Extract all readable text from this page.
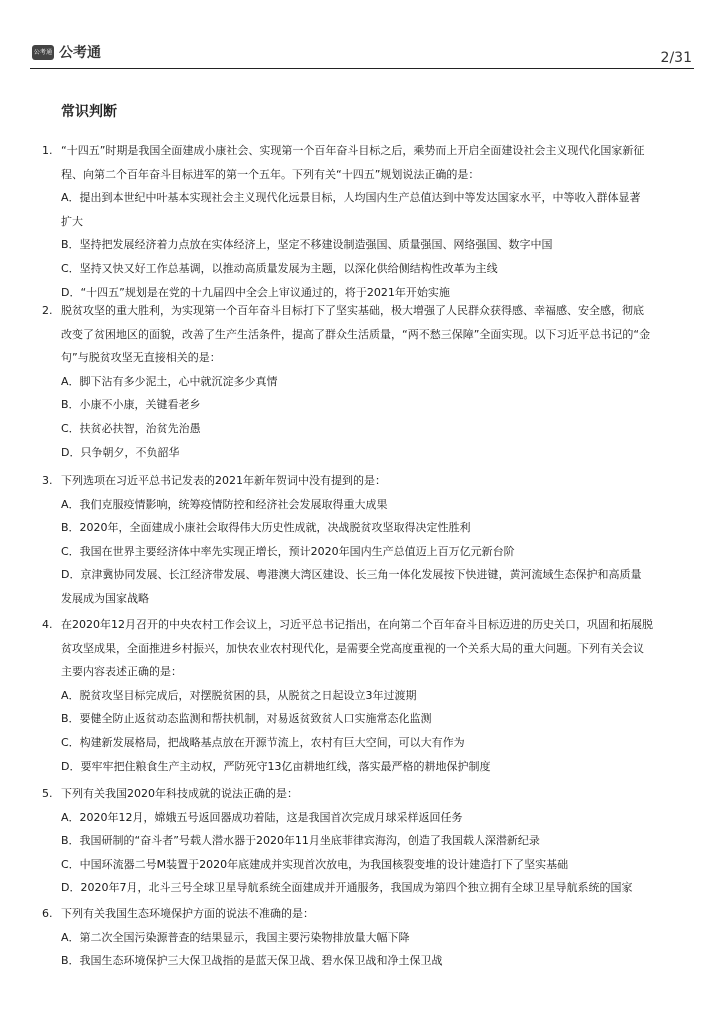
公考通 公考通	2/31
常识判断
1. “十四五”时期是我国全面建成小康社会、实现第一个百年奋斗目标之后，乘势而上开启全面建设社会主义现代化国家新征
程、向第二个百年奋斗目标进军的第一个五年。下列有关“十四五”规划说法正确的是：
A．提出到本世纪中叶基本实现社会主义现代化远景目标，人均国内生产总值达到中等发达国家水平，中等收入群体显著
扩大
B．坚持把发展经济着力点放在实体经济上，坚定不移建设制造强国、质量强国、网络强国、数字中国
C．坚持又快又好工作总基调，以推动高质量发展为主题，以深化供给侧结构性改革为主线
D．“十四五”规划是在党的十九届四中全会上审议通过的，将于2021年开始实施
2. 脱贫攻坚的重大胜利，为实现第一个百年奋斗目标打下了坚实基础，极大增强了人民群众获得感、幸福感、安全感，彻底
改变了贫困地区的面貌，改善了生产生活条件，提高了群众生活质量，“两不愁三保障”全面实现。以下习近平总书记的“金
句”与脱贫攻坚无直接相关的是：
A．脚下沾有多少泥土，心中就沉淀多少真情
B．小康不小康，关键看老乡
C．扶贫必扶智，治贫先治愚
D．只争朝夕，不负韶华
3. 下列选项在习近平总书记发表的2021年新年贺词中没有提到的是：
A．我们克服疫情影响，统筹疫情防控和经济社会发展取得重大成果
B．2020年，全面建成小康社会取得伟大历史性成就，决战脱贫攻坚取得决定性胜利
C．我国在世界主要经济体中率先实现正增长，预计2020年国内生产总值迈上百万亿元新台阶
D．京津冀协同发展、长江经济带发展、粤港澳大湾区建设、长三角一体化发展按下快进键，黄河流域生态保护和高质量
发展成为国家战略
4. 在2020年12月召开的中央农村工作会议上，习近平总书记指出，在向第二个百年奋斗目标迈进的历史关口，巩固和拓展脱
贫攻坚成果，全面推进乡村振兴，加快农业农村现代化，是需要全党高度重视的一个关系大局的重大问题。下列有关会议
主要内容表述正确的是：
A．脱贫攻坚目标完成后，对摆脱贫困的县，从脱贫之日起设立3年过渡期
B．要健全防止返贫动态监测和帮扶机制，对易返贫致贫人口实施常态化监测
C．构建新发展格局，把战略基点放在开源节流上，农村有巨大空间，可以大有作为
D．要牢牢把住粮食生产主动权，严防死守13亿亩耕地红线，落实最严格的耕地保护制度
5. 下列有关我国2020年科技成就的说法正确的是：
A．2020年12月，嫦娥五号返回器成功着陆，这是我国首次完成月球采样返回任务
B．我国研制的“奋斗者”号载人潜水器于2020年11月坐底菲律宾海沟，创造了我国载人深潜新纪录
C．中国环流器二号M装置于2020年底建成并实现首次放电，为我国核裂变堆的设计建造打下了坚实基础
D．2020年7月，北斗三号全球卫星导航系统全面建成并开通服务，我国成为第四个独立拥有全球卫星导航系统的国家
6. 下列有关我国生态环境保护方面的说法不准确的是：
A．第二次全国污染源普查的结果显示，我国主要污染物排放量大幅下降
B．我国生态环境保护三大保卫战指的是蓝天保卫战、碧水保卫战和净土保卫战
